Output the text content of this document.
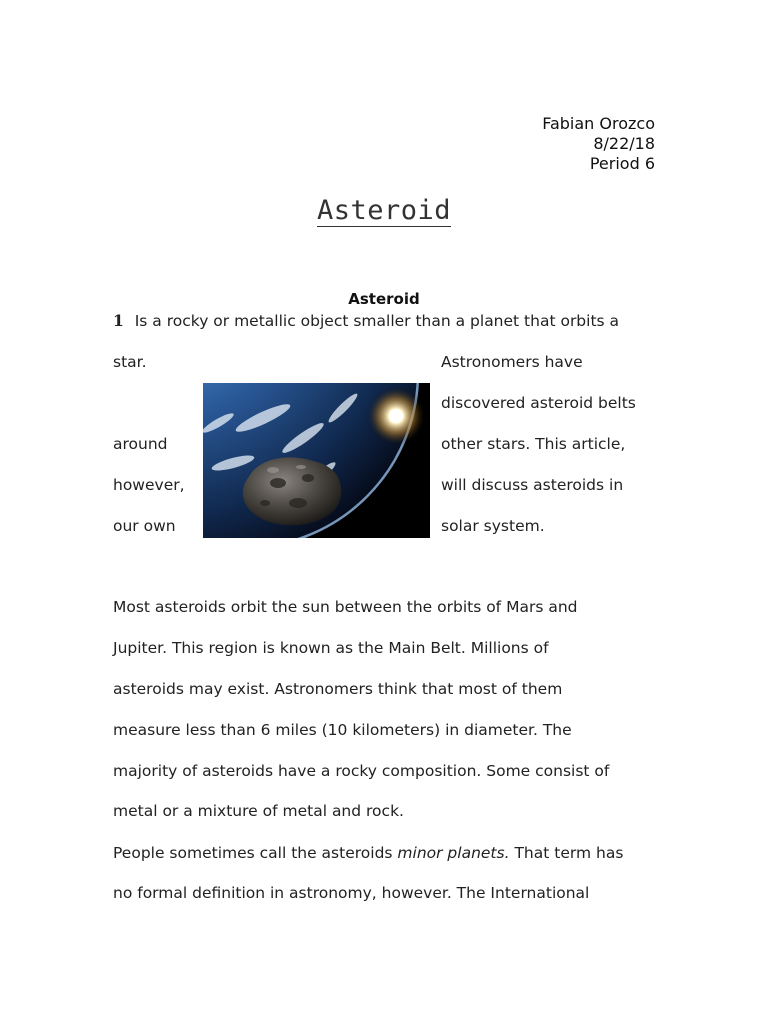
Fabian Orozco
8/22/18
Period 6
Asteroid
Asteroid
1 Is a rocky or metallic object smaller than a planet that orbits a
star.
around
however,
our own
Astronomers have
discovered asteroid belts
other stars. This article,
will discuss asteroids in
solar system.
Most asteroids orbit the sun between the orbits of Mars and
Jupiter. This region is known as the Main Belt. Millions of
asteroids may exist. Astronomers think that most of them
measure less than 6 miles (10 kilometers) in diameter. The
majority of asteroids have a rocky composition. Some consist of
metal or a mixture of metal and rock.
People sometimes call the asteroids minor planets. That term has
no formal definition in astronomy, however. The International
